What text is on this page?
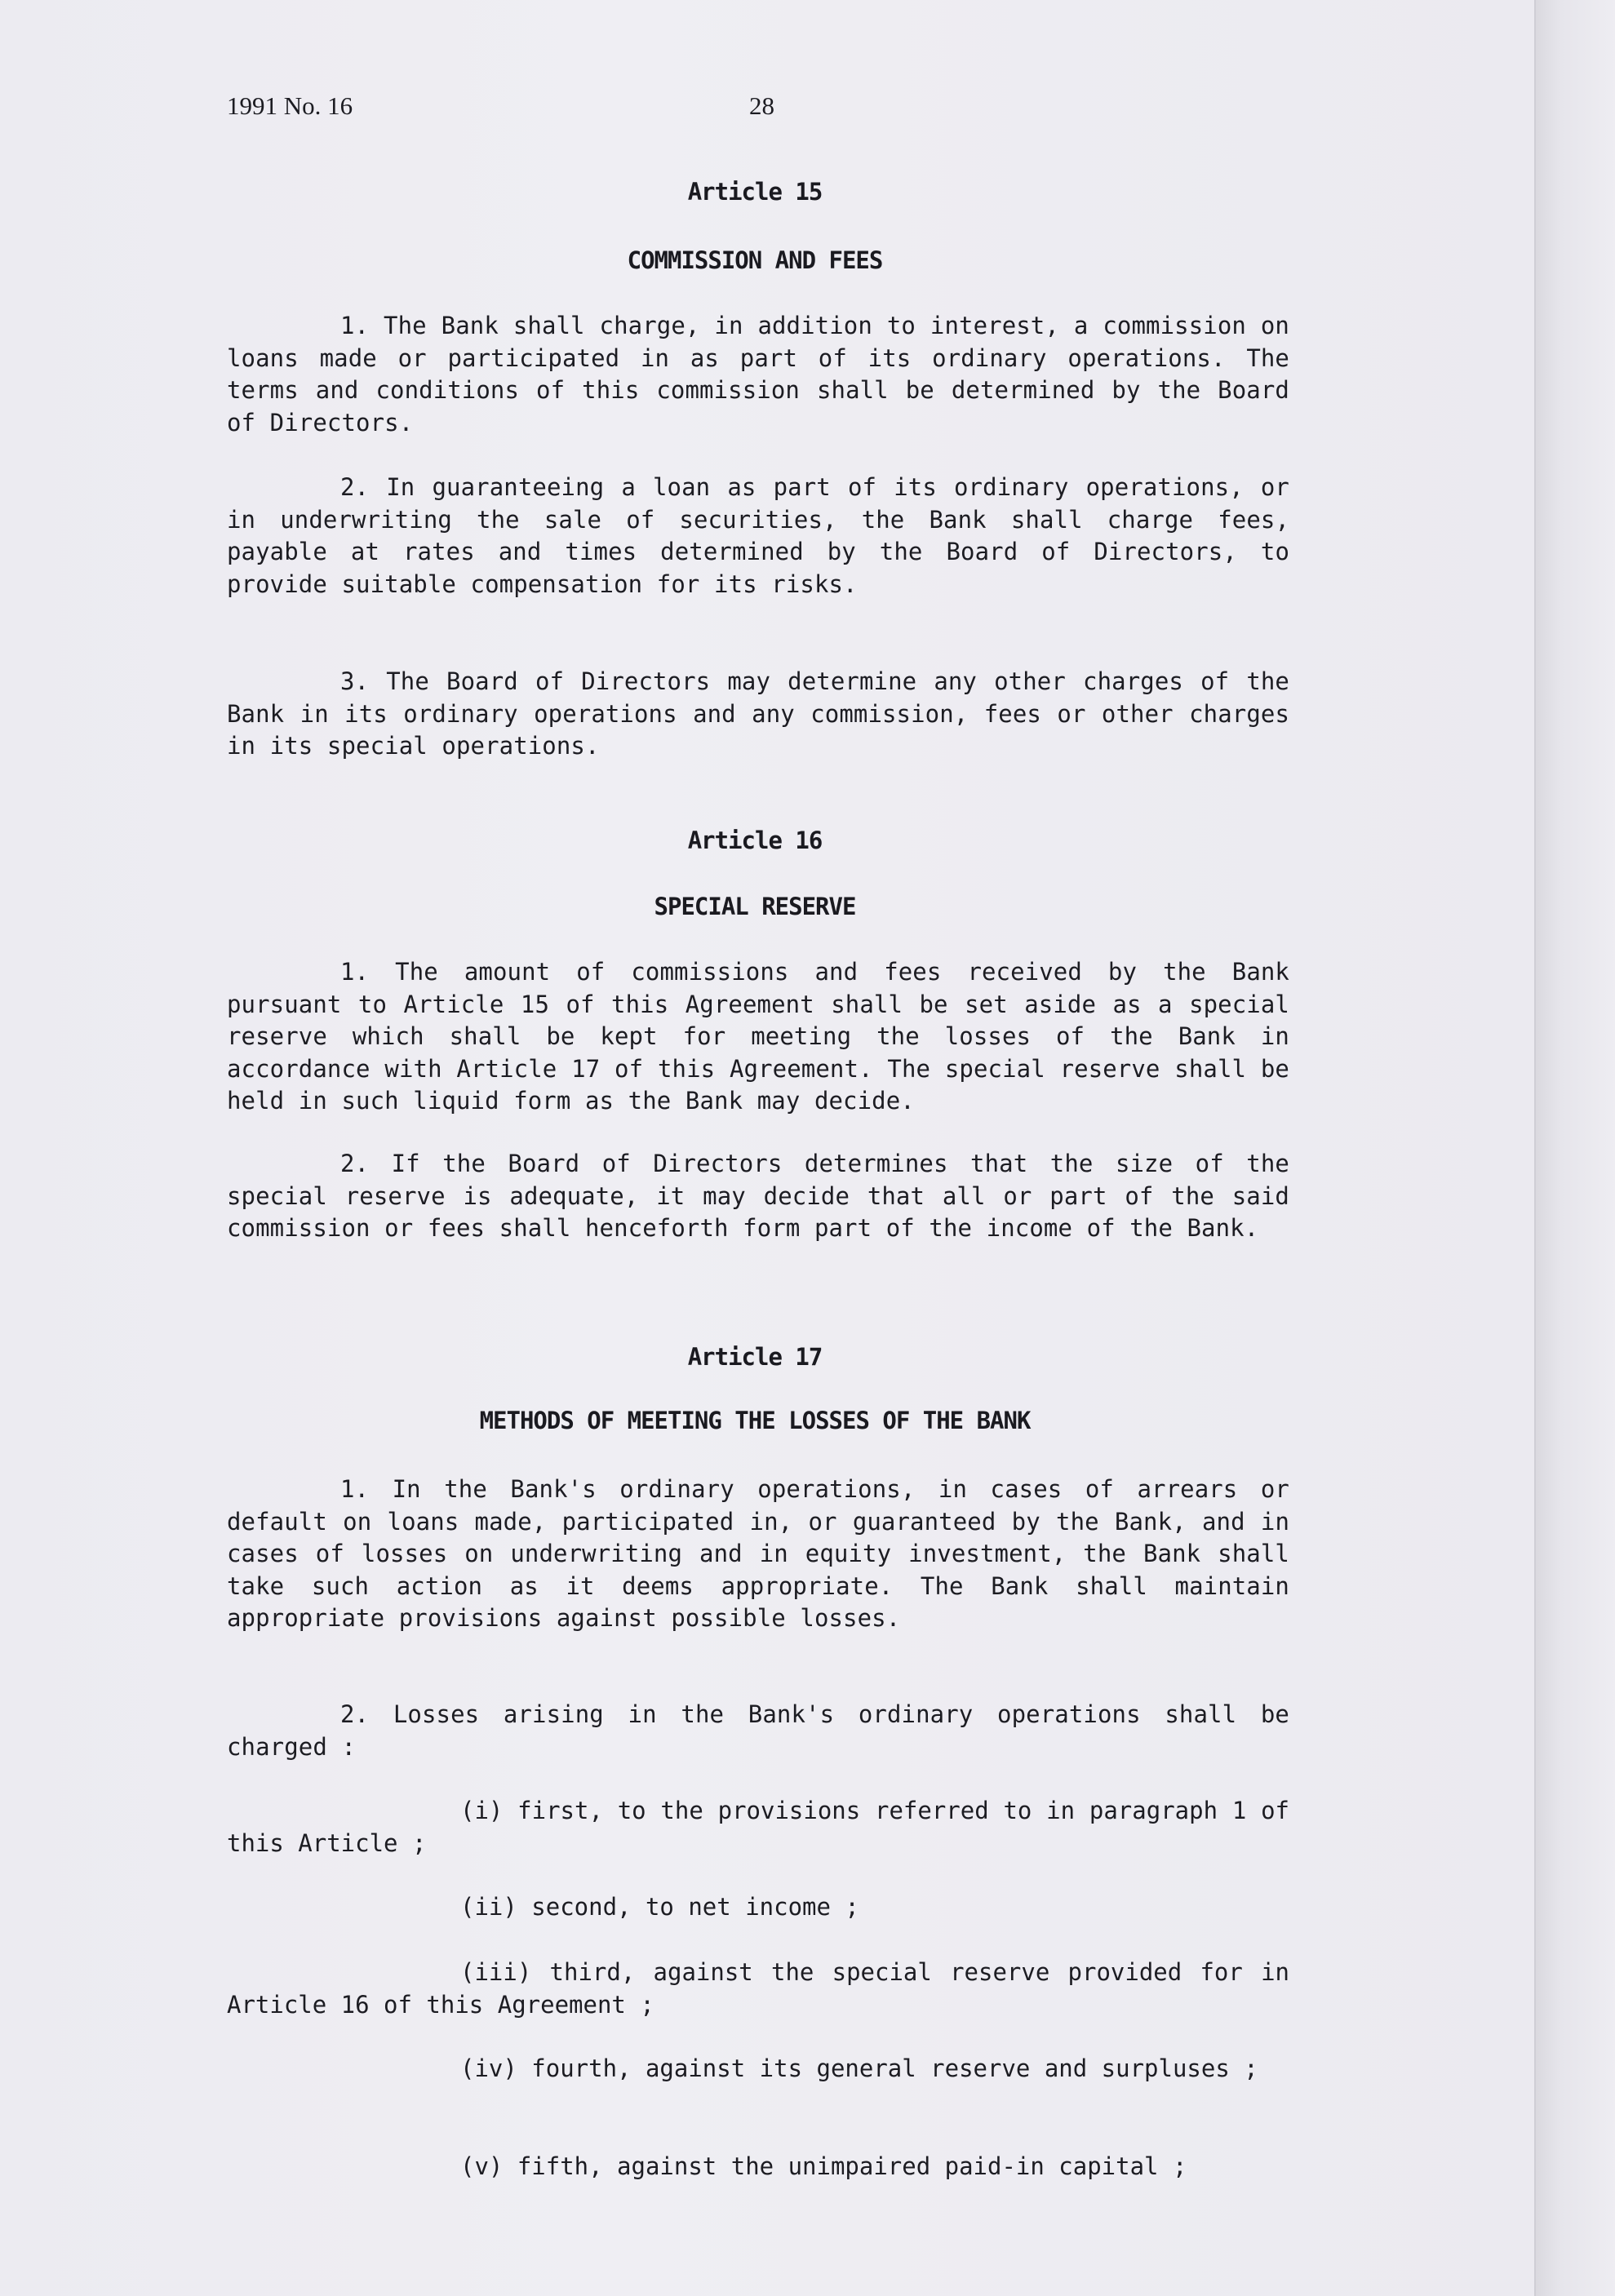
1991 No. 16	28
Article 15
COMMISSION AND FEES

1. The Bank shall charge, in addition to interest, a commission on loans made or participated in as part of its ordinary operations. The terms and conditions of this commission shall be determined by the Board of Directors.

2. In guaranteeing a loan as part of its ordinary operations, or in underwriting the sale of securities, the Bank shall charge fees, payable at rates and times determined by the Board of Directors, to provide suitable compensation for its risks.

3. The Board of Directors may determine any other charges of the Bank in its ordinary operations and any commission, fees or other charges in its special operations.

Article 16
SPECIAL RESERVE

1. The amount of commissions and fees received by the Bank pursuant to Article 15 of this Agreement shall be set aside as a special reserve which shall be kept for meeting the losses of the Bank in accordance with Article 17 of this Agreement. The special reserve shall be held in such liquid form as the Bank may decide.

2. If the Board of Directors determines that the size of the special reserve is adequate, it may decide that all or part of the said commission or fees shall henceforth form part of the income of the Bank.

Article 17
METHODS OF MEETING THE LOSSES OF THE BANK

1. In the Bank's ordinary operations, in cases of arrears or default on loans made, participated in, or guaranteed by the Bank, and in cases of losses on underwriting and in equity investment, the Bank shall take such action as it deems appropriate. The Bank shall maintain appropriate provisions against possible losses.

2. Losses arising in the Bank's ordinary operations shall be charged :

(i) first, to the provisions referred to in paragraph 1 of this Article ;

(ii) second, to net income ;

(iii) third, against the special reserve provided for in Article 16 of this Agreement ;

(iv) fourth, against its general reserve and surpluses ;

(v) fifth, against the unimpaired paid-in capital ;
